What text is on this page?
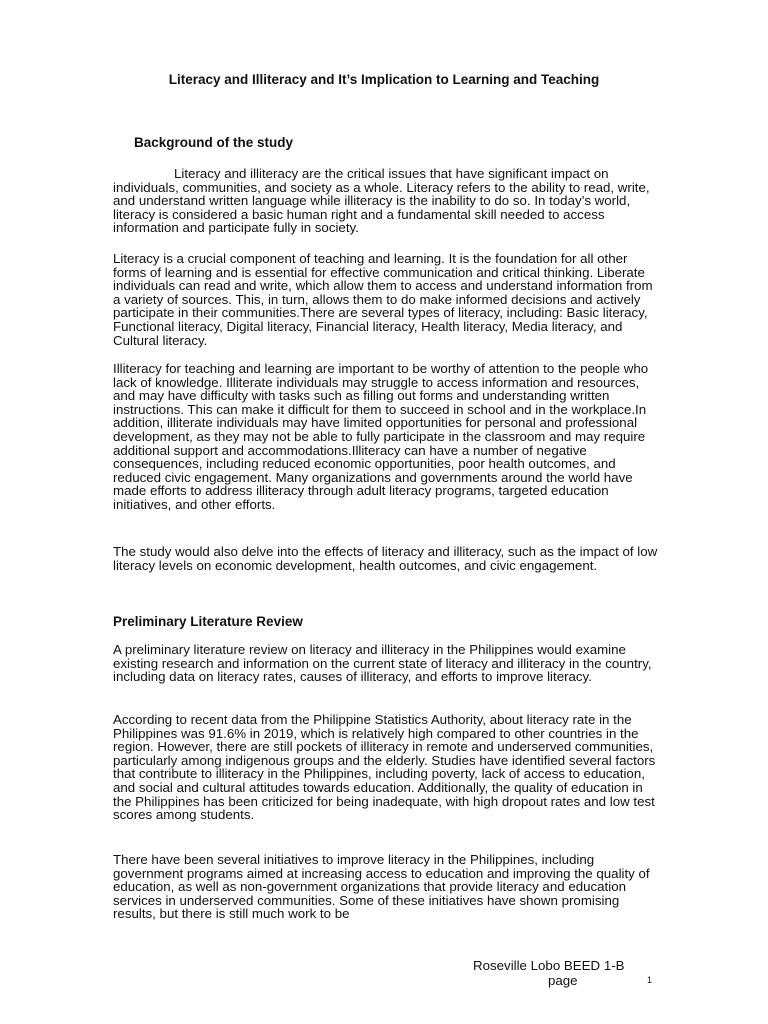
Literacy and Illiteracy and It’s Implication to Learning and Teaching
Background of the study

Literacy and illiteracy are the critical issues that have significant impact on individuals, communities, and society as a whole. Literacy refers to the ability to read, write, and understand written language while illiteracy is the inability to do so. In today’s world, literacy is considered a basic human right and a fundamental skill needed to access information and participate fully in society.

Literacy is a crucial component of teaching and learning. It is the foundation for all other forms of learning and is essential for effective communication and critical thinking. Liberate individuals can read and write, which allow them to access and understand information from a variety of sources. This, in turn, allows them to do make informed decisions and actively participate in their communities.There are several types of literacy, including: Basic literacy, Functional literacy, Digital literacy, Financial literacy, Health literacy, Media literacy, and Cultural literacy.

Illiteracy for teaching and learning are important to be worthy of attention to the people who lack of knowledge. Illiterate individuals may struggle to access information and resources, and may have difficulty with tasks such as filling out forms and understanding written instructions. This can make it difficult for them to succeed in school and in the workplace.In addition, illiterate individuals may have limited opportunities for personal and professional development, as they may not be able to fully participate in the classroom and may require additional support and accommodations.Illiteracy can have a number of negative consequences, including reduced economic opportunities, poor health outcomes, and reduced civic engagement. Many organizations and governments around the world have made efforts to address illiteracy through adult literacy programs, targeted education initiatives, and other efforts.

The study would also delve into the effects of literacy and illiteracy, such as the impact of low literacy levels on economic development, health outcomes, and civic engagement.

Preliminary Literature Review

A preliminary literature review on literacy and illiteracy in the Philippines would examine existing research and information on the current state of literacy and illiteracy in the country, including data on literacy rates, causes of illiteracy, and efforts to improve literacy.

According to recent data from the Philippine Statistics Authority, about literacy rate in the Philippines was 91.6% in 2019, which is relatively high compared to other countries in the region. However, there are still pockets of illiteracy in remote and underserved communities, particularly among indigenous groups and the elderly. Studies have identified several factors that contribute to illiteracy in the Philippines, including poverty, lack of access to education, and social and cultural attitudes towards education. Additionally, the quality of education in the Philippines has been criticized for being inadequate, with high dropout rates and low test scores among students.

There have been several initiatives to improve literacy in the Philippines, including government programs aimed at increasing access to education and improving the quality of education, as well as non-government organizations that provide literacy and education services in underserved communities. Some of these initiatives have shown promising results, but there is still much work to be

Roseville Lobo BEED 1-B

page	1
